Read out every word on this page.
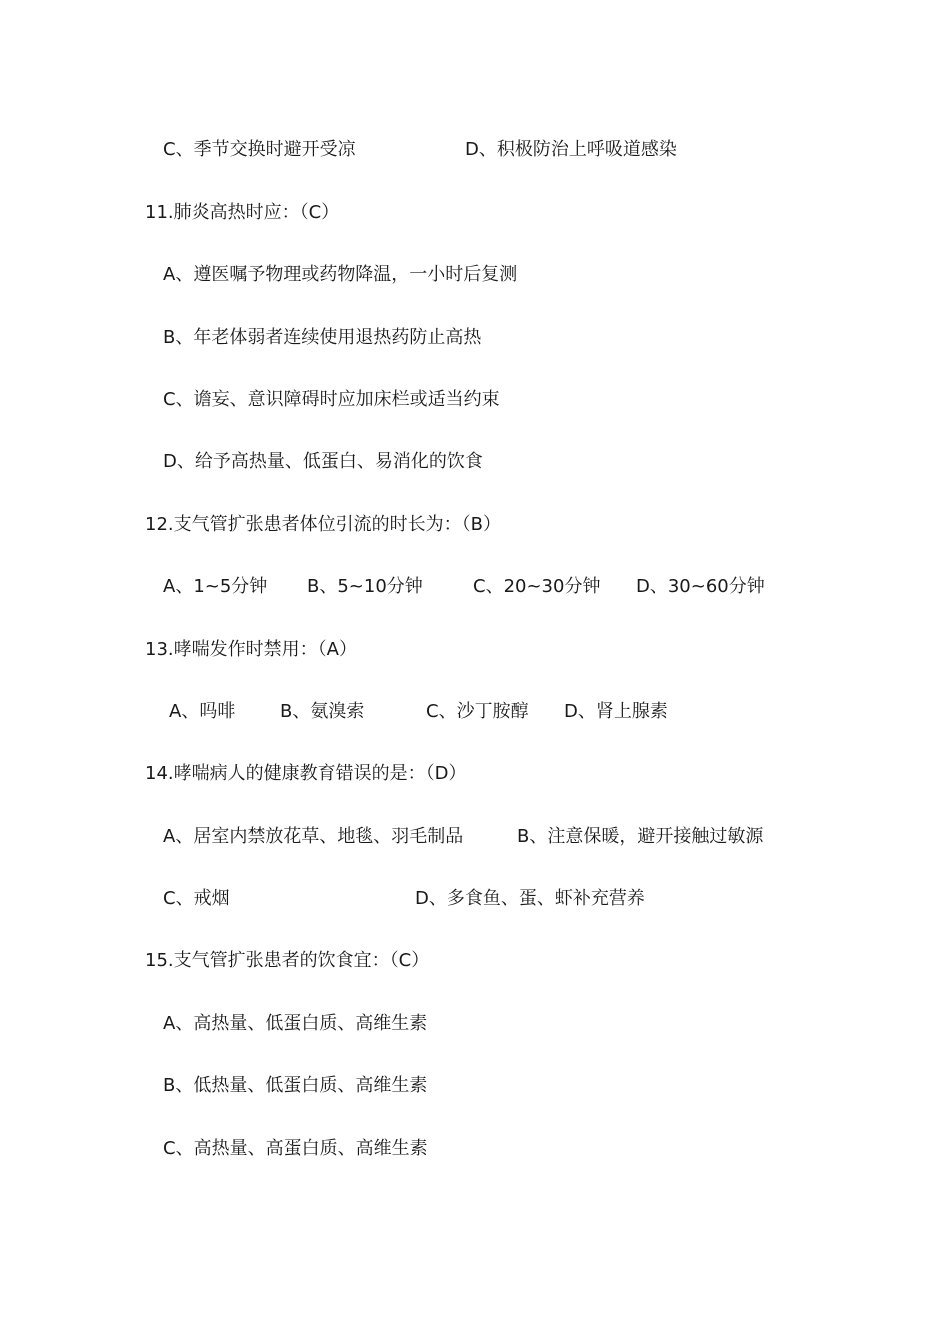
C、季节交换时避开受凉	D、积极防治上呼吸道感染
11.肺炎高热时应：（C）
A、遵医嘱予物理或药物降温，一小时后复测
B、年老体弱者连续使用退热药防止高热
C、谵妄、意识障碍时应加床栏或适当约束
D、给予高热量、低蛋白、易消化的饮食
12.支气管扩张患者体位引流的时长为：（B）
A、1~5分钟 B、5~10分钟	C、20~30分钟 D、30~60分钟
13.哮喘发作时禁用：（A）
A、吗啡 B、氨溴索	C、沙丁胺醇 D、肾上腺素
14.哮喘病人的健康教育错误的是：（D）
A、居室内禁放花草、地毯、羽毛制品	B、注意保暖，避开接触过敏源
C、戒烟	D、多食鱼、蛋、虾补充营养
15.支气管扩张患者的饮食宜：（C）
A、高热量、低蛋白质、高维生素
B、低热量、低蛋白质、高维生素
C、高热量、高蛋白质、高维生素
